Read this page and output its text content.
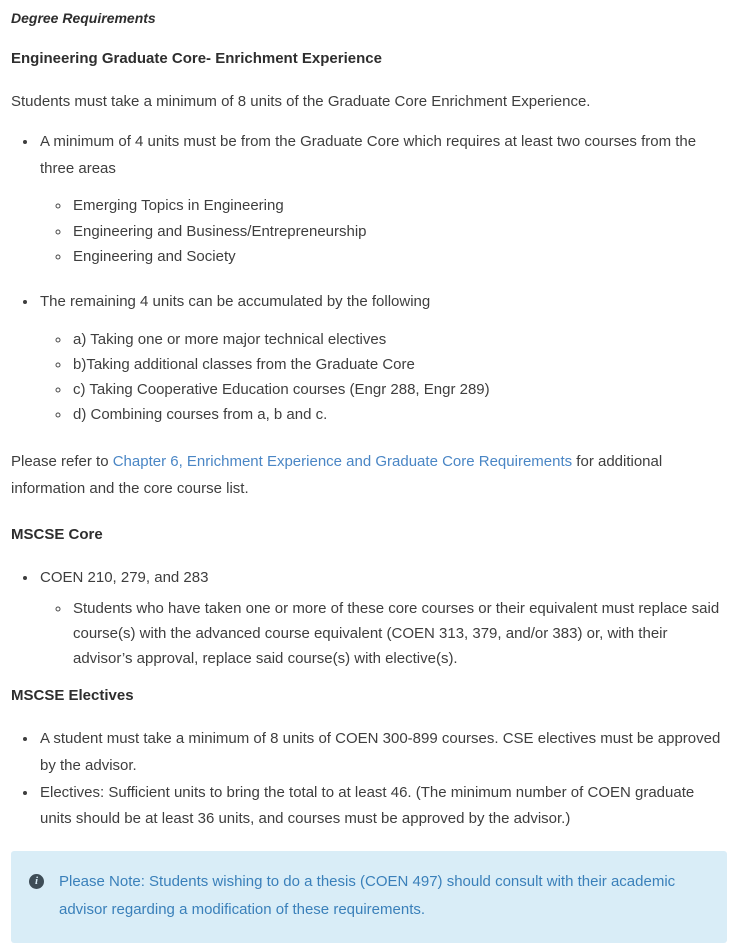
Degree Requirements
Engineering Graduate Core- Enrichment Experience

Students must take a minimum of 8 units of the Graduate Core Enrichment Experience.

• A minimum of 4 units must be from the Graduate Core which requires at least two courses from the three areas
◦ Emerging Topics in Engineering
◦ Engineering and Business/Entrepreneurship
◦ Engineering and Society
• The remaining 4 units can be accumulated by the following
◦ a) Taking one or more major technical electives
◦ b)Taking additional classes from the Graduate Core
◦ c) Taking Cooperative Education courses (Engr 288, Engr 289)
◦ d) Combining courses from a, b and c.

Please refer to Chapter 6, Enrichment Experience and Graduate Core Requirements for additional information and the core course list.

MSCSE Core
• COEN 210, 279, and 283
◦ Students who have taken one or more of these core courses or their equivalent must replace said course(s) with the advanced course equivalent (COEN 313, 379, and/or 383) or, with their advisor’s approval, replace said course(s) with elective(s).
MSCSE Electives
• A student must take a minimum of 8 units of COEN 300-899 courses. CSE electives must be approved by the advisor.
• Electives: Sufficient units to bring the total to at least 46. (The minimum number of COEN graduate units should be at least 36 units, and courses must be approved by the advisor.)
i	Please Note: Students wishing to do a thesis (COEN 497) should consult with their academic advisor regarding a modification of these requirements.
